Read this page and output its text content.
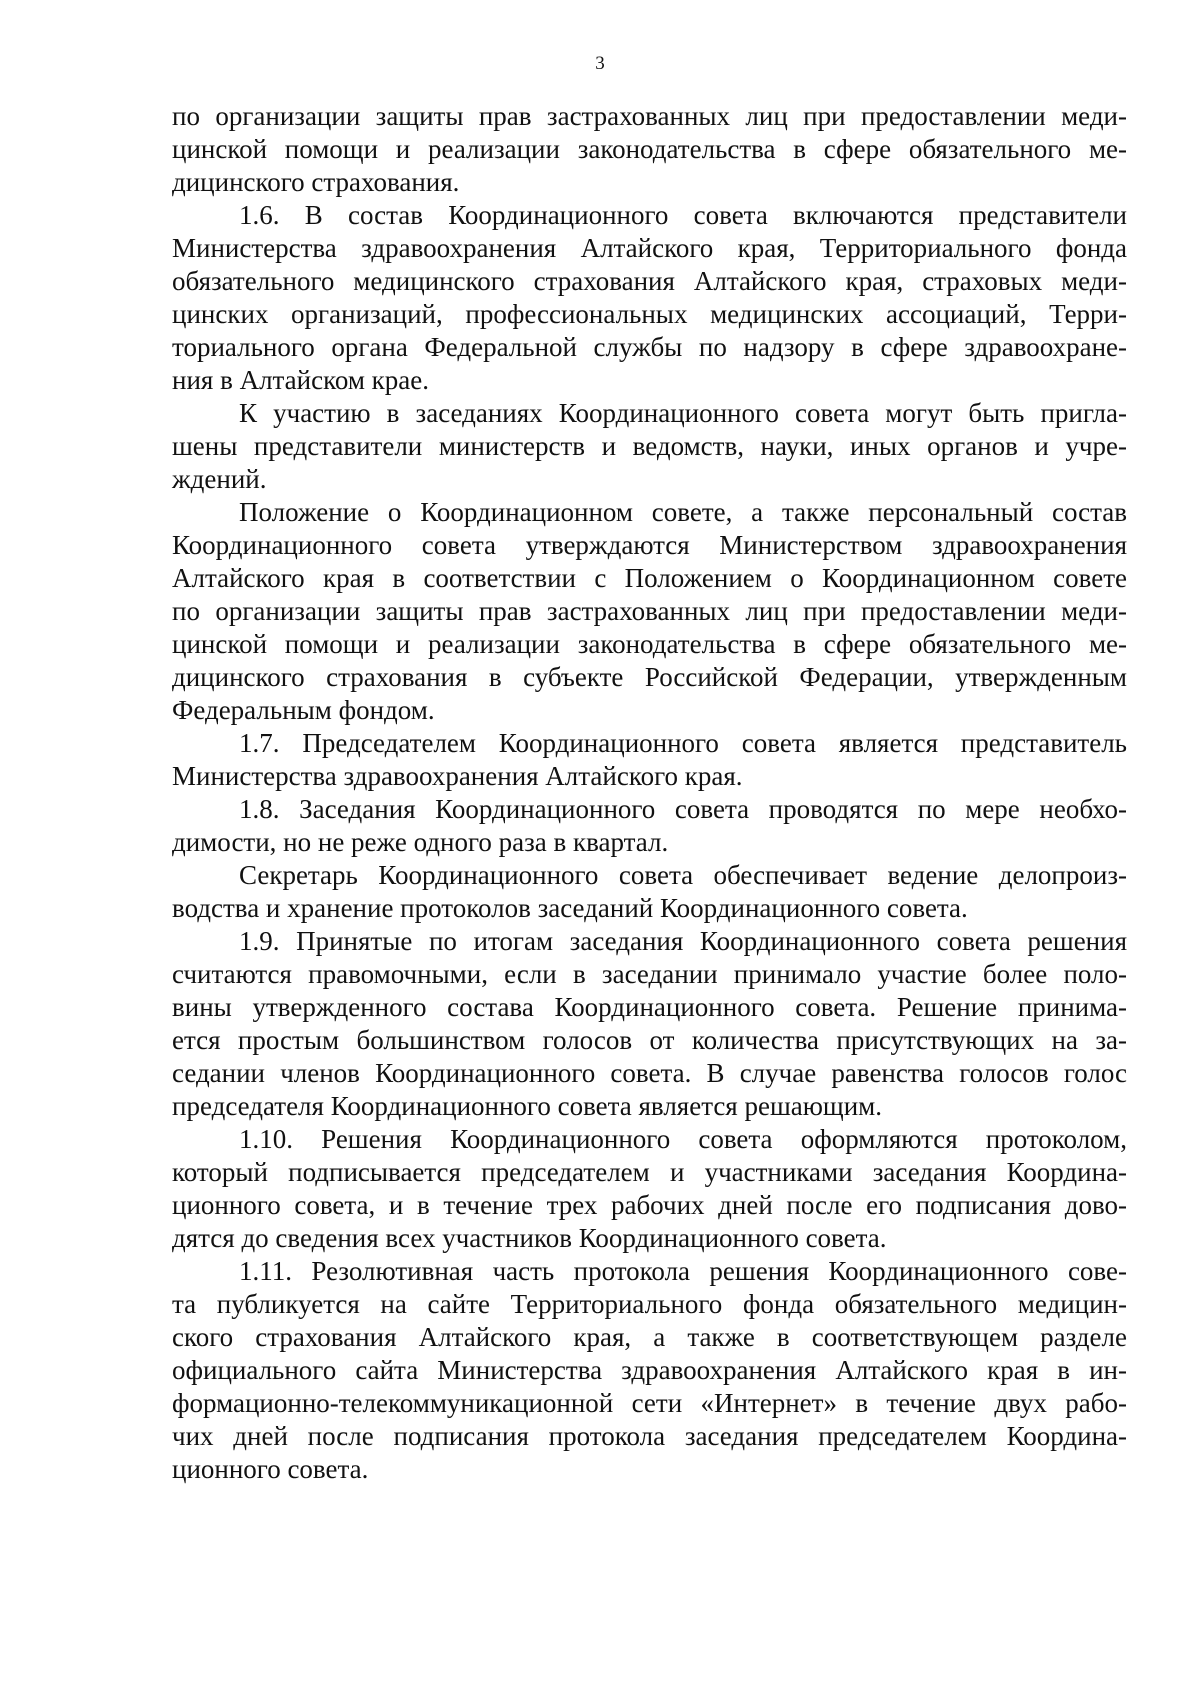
3

по организации защиты прав застрахованных лиц при предоставлении меди-
цинской помощи и реализации законодательства в сфере обязательного ме-
дицинского страхования.

1.6. В состав Координационного совета включаются представители
Министерства здравоохранения Алтайского края, Территориального фонда
обязательного медицинского страхования Алтайского края, страховых меди-
цинских организаций, профессиональных медицинских ассоциаций, Терри-
ториального органа Федеральной службы по надзору в сфере здравоохране-
ния в Алтайском крае.

К участию в заседаниях Координационного совета могут быть пригла-
шены представители министерств и ведомств, науки, иных органов и учре-
ждений.

Положение о Координационном совете, а также персональный состав
Координационного совета утверждаются Министерством здравоохранения
Алтайского края в соответствии с Положением о Координационном совете
по организации защиты прав застрахованных лиц при предоставлении меди-
цинской помощи и реализации законодательства в сфере обязательного ме-
дицинского страхования в субъекте Российской Федерации, утвержденным
Федеральным фондом.

1.7. Председателем Координационного совета является представитель
Министерства здравоохранения Алтайского края.

1.8. Заседания Координационного совета проводятся по мере необхо-
димости, но не реже одного раза в квартал.

Секретарь Координационного совета обеспечивает ведение делопроиз-
водства и хранение протоколов заседаний Координационного совета.

1.9. Принятые по итогам заседания Координационного совета решения
считаются правомочными, если в заседании принимало участие более поло-
вины утвержденного состава Координационного совета. Решение принима-
ется простым большинством голосов от количества присутствующих на за-
седании членов Координационного совета. В случае равенства голосов голос
председателя Координационного совета является решающим.

1.10. Решения Координационного совета оформляются протоколом,
который подписывается председателем и участниками заседания Координа-
ционного совета, и в течение трех рабочих дней после его подписания дово-
дятся до сведения всех участников Координационного совета.

1.11. Резолютивная часть протокола решения Координационного сове-
та публикуется на сайте Территориального фонда обязательного медицин-
ского страхования Алтайского края, а также в соответствующем разделе
официального сайта Министерства здравоохранения Алтайского края в ин-
формационно-телекоммуникационной сети «Интернет» в течение двух рабо-
чих дней после подписания протокола заседания председателем Координа-
ционного совета.
